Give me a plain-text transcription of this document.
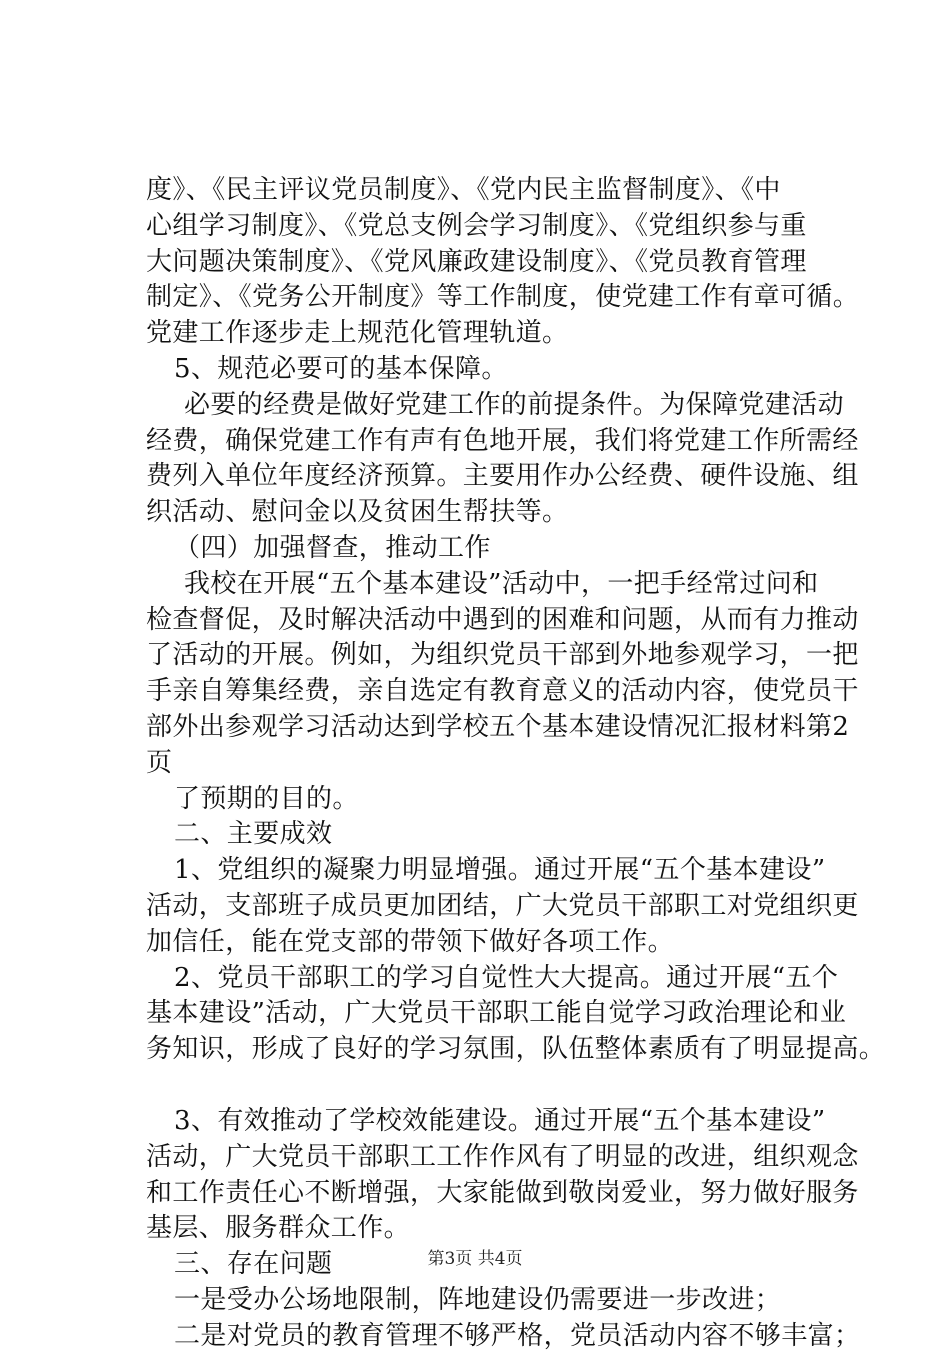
度》、《民主评议党员制度》、《党内民主监督制度》、《中
心组学习制度》、《党总支例会学习制度》、《党组织参与重
大问题决策制度》、《党风廉政建设制度》、《党员教育管理
制定》、《党务公开制度》等工作制度，使党建工作有章可循。
党建工作逐步走上规范化管理轨道。
5、规范必要可的基本保障。
必要的经费是做好党建工作的前提条件。为保障党建活动
经费，确保党建工作有声有色地开展，我们将党建工作所需经
费列入单位年度经济预算。主要用作办公经费、硬件设施、组
织活动、慰问金以及贫困生帮扶等。
（四）加强督查，推动工作
我校在开展“五个基本建设”活动中，一把手经常过问和
检查督促，及时解决活动中遇到的困难和问题，从而有力推动
了活动的开展。例如，为组织党员干部到外地参观学习，一把
手亲自筹集经费，亲自选定有教育意义的活动内容，使党员干
部外出参观学习活动达到学校五个基本建设情况汇报材料第2
页
了预期的目的。
二、主要成效
1、党组织的凝聚力明显增强。通过开展“五个基本建设”
活动，支部班子成员更加团结，广大党员干部职工对党组织更
加信任，能在党支部的带领下做好各项工作。
2、党员干部职工的学习自觉性大大提高。通过开展“五个
基本建设”活动，广大党员干部职工能自觉学习政治理论和业
务知识，形成了良好的学习氛围，队伍整体素质有了明显提高。
3、有效推动了学校效能建设。通过开展“五个基本建设”
活动，广大党员干部职工工作作风有了明显的改进，组织观念
和工作责任心不断增强，大家能做到敬岗爱业，努力做好服务
基层、服务群众工作。
三、存在问题
一是受办公场地限制，阵地建设仍需要进一步改进；
二是对党员的教育管理不够严格，党员活动内容不够丰富；
第3页 共4页
